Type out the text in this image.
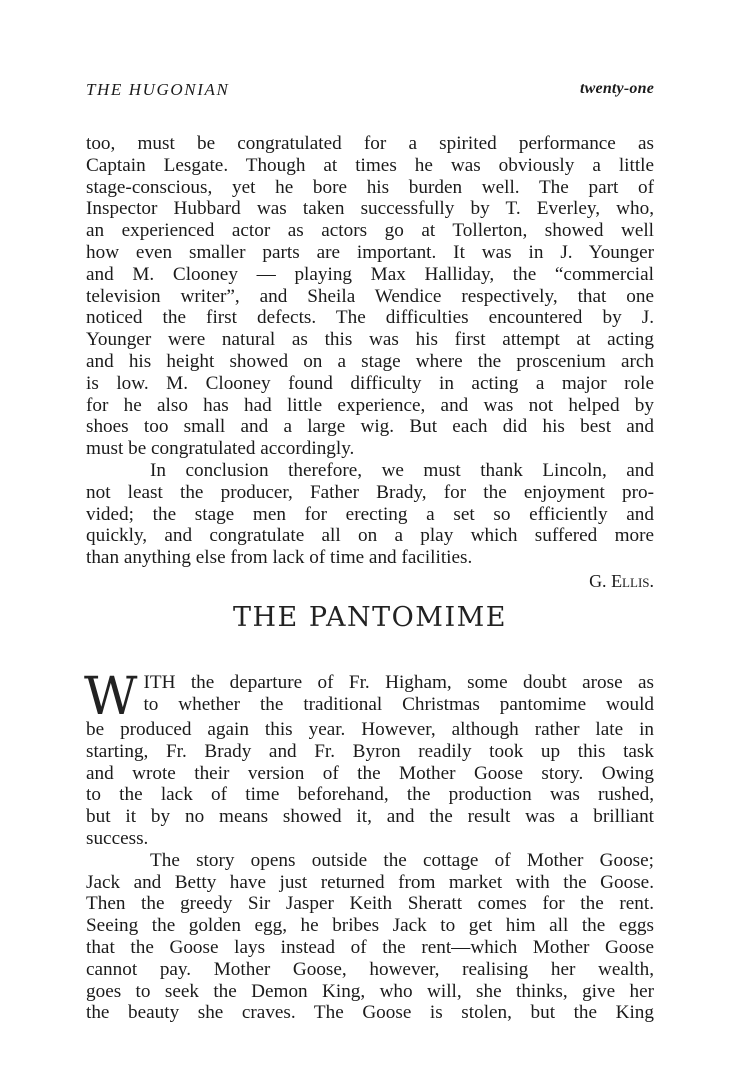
THE HUGONIAN	twenty-one
too, must be congratulated for a spirited performance as
Captain Lesgate. Though at times he was obviously a little
stage-conscious, yet he bore his burden well. The part of
Inspector Hubbard was taken successfully by T. Everley, who,
an experienced actor as actors go at Tollerton, showed well
how even smaller parts are important. It was in J. Younger
and M. Clooney — playing Max Halliday, the “commercial
television writer”, and Sheila Wendice respectively, that one
noticed the first defects. The difficulties encountered by J.
Younger were natural as this was his first attempt at acting
and his height showed on a stage where the proscenium arch
is low. M. Clooney found difficulty in acting a major role
for he also has had little experience, and was not helped by
shoes too small and a large wig. But each did his best and
must be congratulated accordingly.
In conclusion therefore, we must thank Lincoln, and
not least the producer, Father Brady, for the enjoyment pro-
vided; the stage men for erecting a set so efficiently and
quickly, and congratulate all on a play which suffered more
than anything else from lack of time and facilities.
G. Ellis.
THE PANTOMIME
W ITH the departure of Fr. Higham, some doubt arose as
to whether the traditional Christmas pantomime would
be produced again this year. However, although rather late in
starting, Fr. Brady and Fr. Byron readily took up this task
and wrote their version of the Mother Goose story. Owing
to the lack of time beforehand, the production was rushed,
but it by no means showed it, and the result was a brilliant
success.
The story opens outside the cottage of Mother Goose;
Jack and Betty have just returned from market with the Goose.
Then the greedy Sir Jasper Keith Sheratt comes for the rent.
Seeing the golden egg, he bribes Jack to get him all the eggs
that the Goose lays instead of the rent—which Mother Goose
cannot pay. Mother Goose, however, realising her wealth,
goes to seek the Demon King, who will, she thinks, give her
the beauty she craves. The Goose is stolen, but the King
